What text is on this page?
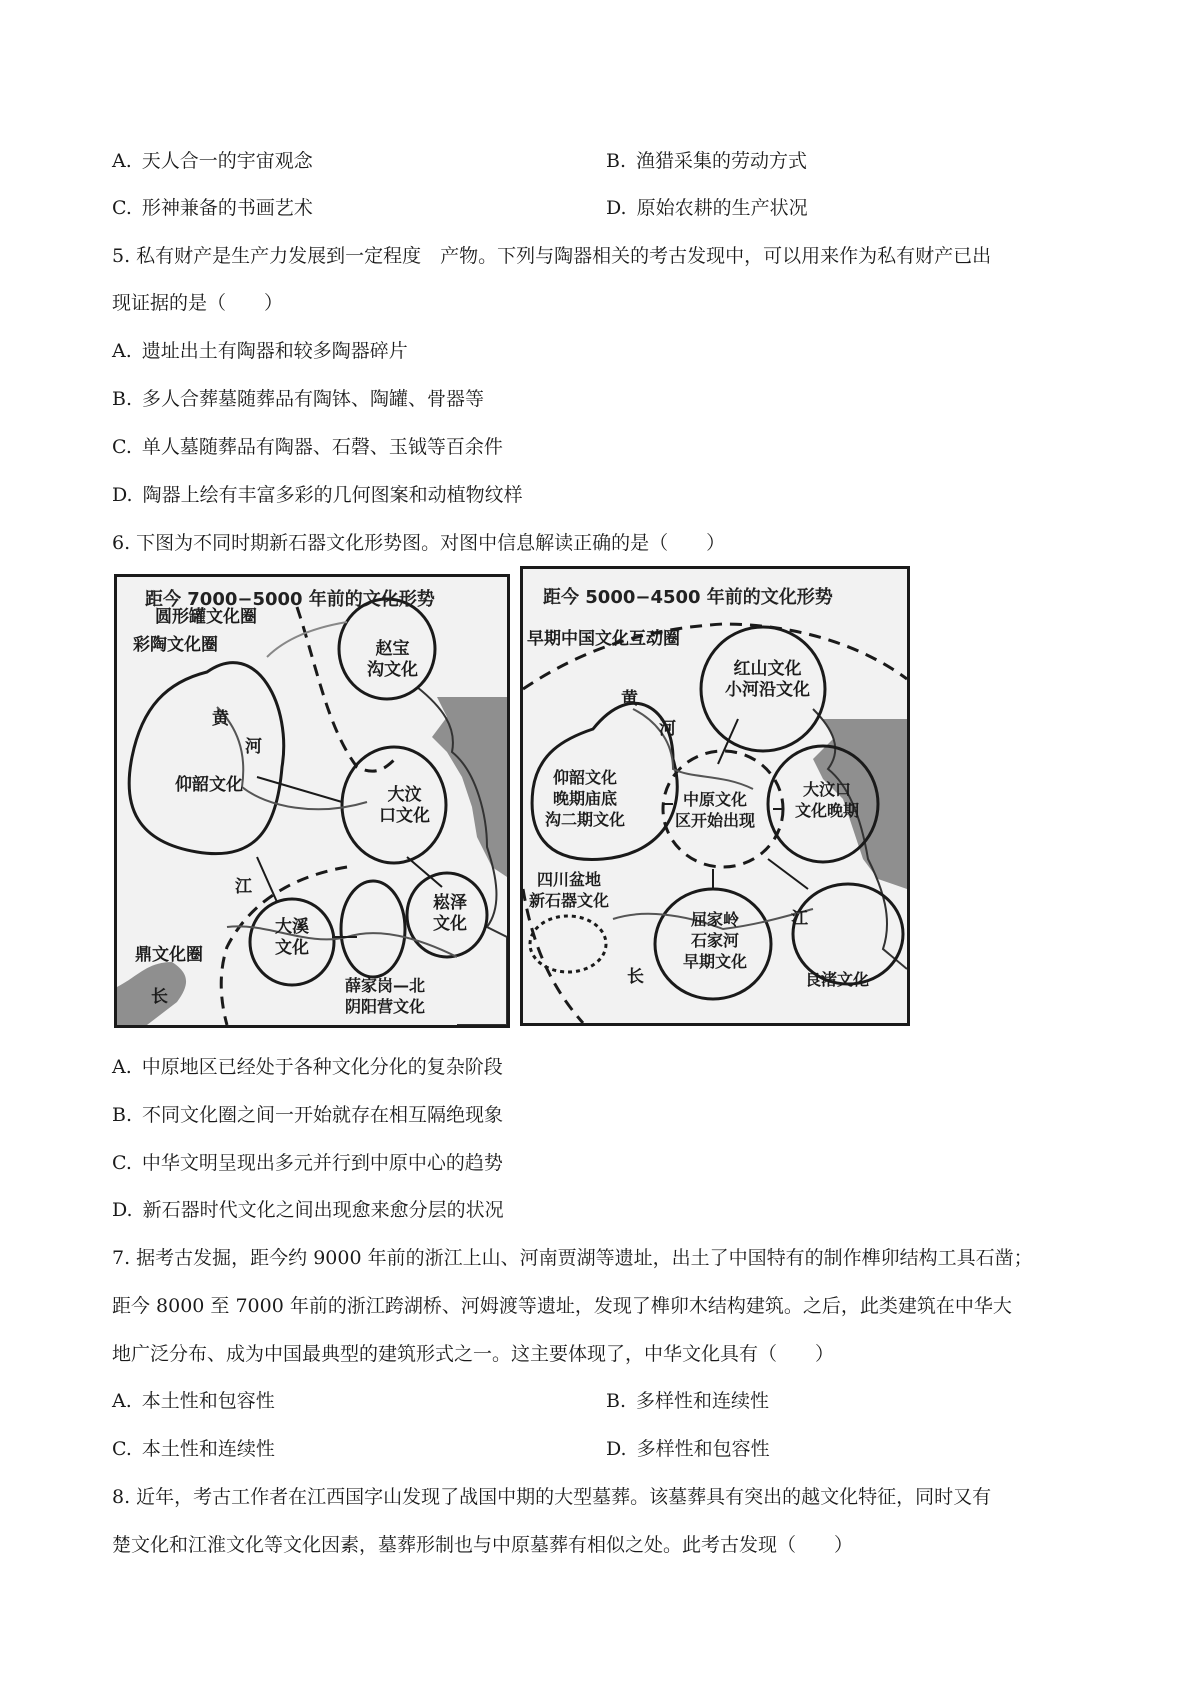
A. 天人合一的宇宙观念	B. 渔猎采集的劳动方式
C. 形神兼备的书画艺术	D. 原始农耕的生产状况
5. 私有财产是生产力发展到一定程度　产物。下列与陶器相关的考古发现中，可以用来作为私有财产已出
现证据的是（　　）
A. 遗址出土有陶器和较多陶器碎片
B. 多人合葬墓随葬品有陶钵、陶罐、骨器等
C. 单人墓随葬品有陶器、石磬、玉钺等百余件
D. 陶器上绘有丰富多彩的几何图案和动植物纹样
6. 下图为不同时期新石器文化形势图。对图中信息解读正确的是（　　）
距今 7000−5000 年前的文化形势
圆形罐文化圈
彩陶文化圈	赵宝
沟文化
黄
河
仰韶文化	大汶
口文化
江
大溪
文化
崧泽
文化
鼎文化圈
长
薛家岗—北
阴阳营文化
距今 5000−4500 年前的文化形势
早期中国文化互动圈
红山文化
小河沿文化
黄
河
仰韶文化
晚期庙底
沟二期文化
中原文化
区开始出现
大汶口
文化晚期
四川盆地
新石器文化
屈家岭
石家河
早期文化
江
长	良渚文化
A. 中原地区已经处于各种文化分化的复杂阶段
B. 不同文化圈之间一开始就存在相互隔绝现象
C. 中华文明呈现出多元并行到中原中心的趋势
D. 新石器时代文化之间出现愈来愈分层的状况
7. 据考古发掘，距今约 9000 年前的浙江上山、河南贾湖等遗址，出土了中国特有的制作榫卯结构工具石凿；
距今 8000 至 7000 年前的浙江跨湖桥、河姆渡等遗址，发现了榫卯木结构建筑。之后，此类建筑在中华大
地广泛分布、成为中国最典型的建筑形式之一。这主要体现了，中华文化具有（　　）
A. 本土性和包容性	B. 多样性和连续性
C. 本土性和连续性	D. 多样性和包容性
8. 近年，考古工作者在江西国字山发现了战国中期的大型墓葬。该墓葬具有突出的越文化特征，同时又有
楚文化和江淮文化等文化因素，墓葬形制也与中原墓葬有相似之处。此考古发现（　　）
